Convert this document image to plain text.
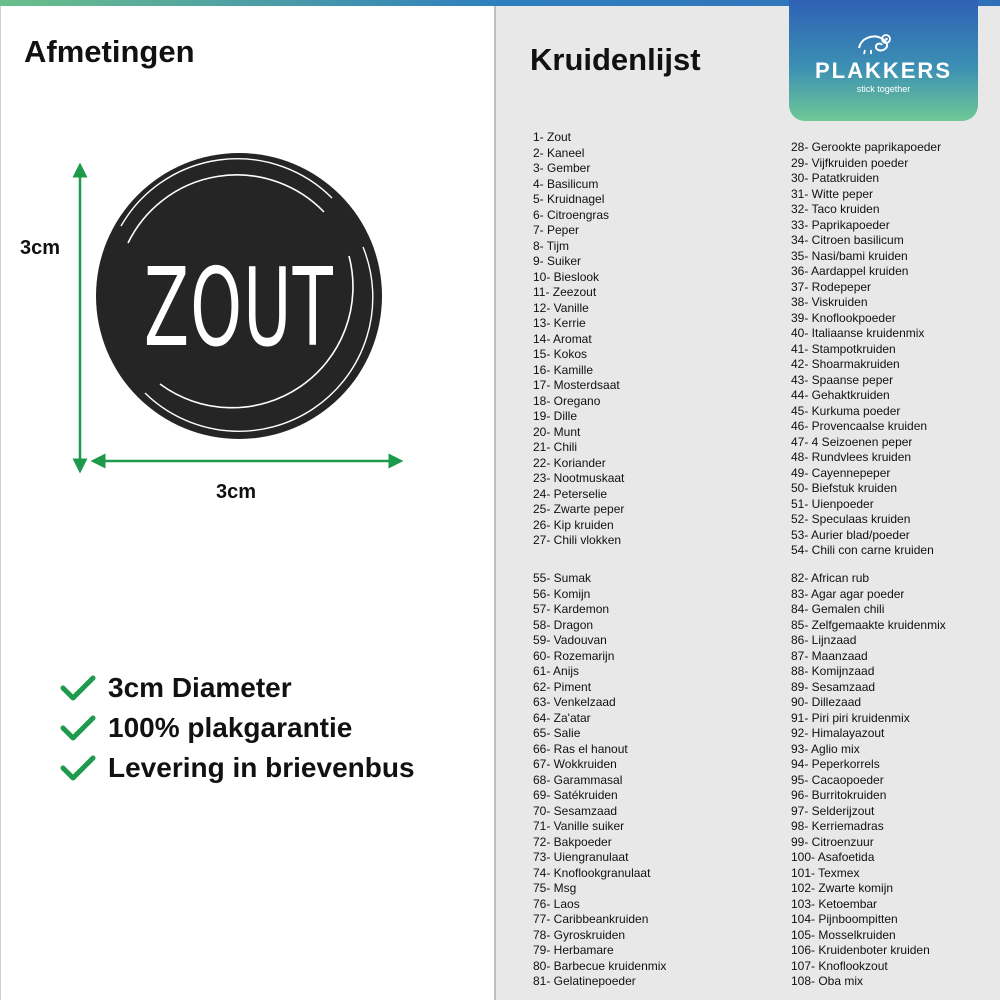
Afmetingen	Kruidenlijst	PLAKKERS
stick together
ZOUT
3cm
3cm
3cm Diameter
100% plakgarantie
Levering in brievenbus
1- Zout
2- Kaneel
3- Gember
4- Basilicum
5- Kruidnagel
6- Citroengras
7- Peper
8- Tijm
9- Suiker
10- Bieslook
11- Zeezout
12- Vanille
13- Kerrie
14- Aromat
15- Kokos
16- Kamille
17- Mosterdsaat
18- Oregano
19- Dille
20- Munt
21- Chili
22- Koriander
23- Nootmuskaat
24- Peterselie
25- Zwarte peper
26- Kip kruiden
27- Chili vlokken
28- Gerookte paprikapoeder
29- Vijfkruiden poeder
30- Patatkruiden
31- Witte peper
32- Taco kruiden
33- Paprikapoeder
34- Citroen basilicum
35- Nasi/bami kruiden
36- Aardappel kruiden
37- Rodepeper
38- Viskruiden
39- Knoflookpoeder
40- Italiaanse kruidenmix
41- Stampotkruiden
42- Shoarmakruiden
43- Spaanse peper
44- Gehaktkruiden
45- Kurkuma poeder
46- Provencaalse kruiden
47- 4 Seizoenen peper
48- Rundvlees kruiden
49- Cayennepeper
50- Biefstuk kruiden
51- Uienpoeder
52- Speculaas kruiden
53- Aurier blad/poeder
54- Chili con carne kruiden
55- Sumak
56- Komijn
57- Kardemon
58- Dragon
59- Vadouvan
60- Rozemarijn
61- Anijs
62- Piment
63- Venkelzaad
64- Za'atar
65- Salie
66- Ras el hanout
67- Wokkruiden
68- Garammasal
69- Satékruiden
70- Sesamzaad
71- Vanille suiker
72- Bakpoeder
73- Uiengranulaat
74- Knoflookgranulaat
75- Msg
76- Laos
77- Caribbeankruiden
78- Gyroskruiden
79- Herbamare
80- Barbecue kruidenmix
81- Gelatinepoeder
82- African rub
83- Agar agar poeder
84- Gemalen chili
85- Zelfgemaakte kruidenmix
86- Lijnzaad
87- Maanzaad
88- Komijnzaad
89- Sesamzaad
90- Dillezaad
91- Piri piri kruidenmix
92- Himalayazout
93- Aglio mix
94- Peperkorrels
95- Cacaopoeder
96- Burritokruiden
97- Selderijzout
98- Kerriemadras
99- Citroenzuur
100- Asafoetida
101- Texmex
102- Zwarte komijn
103- Ketoembar
104- Pijnboompitten
105- Mosselkruiden
106- Kruidenboter kruiden
107- Knoflookzout
108- Oba mix
